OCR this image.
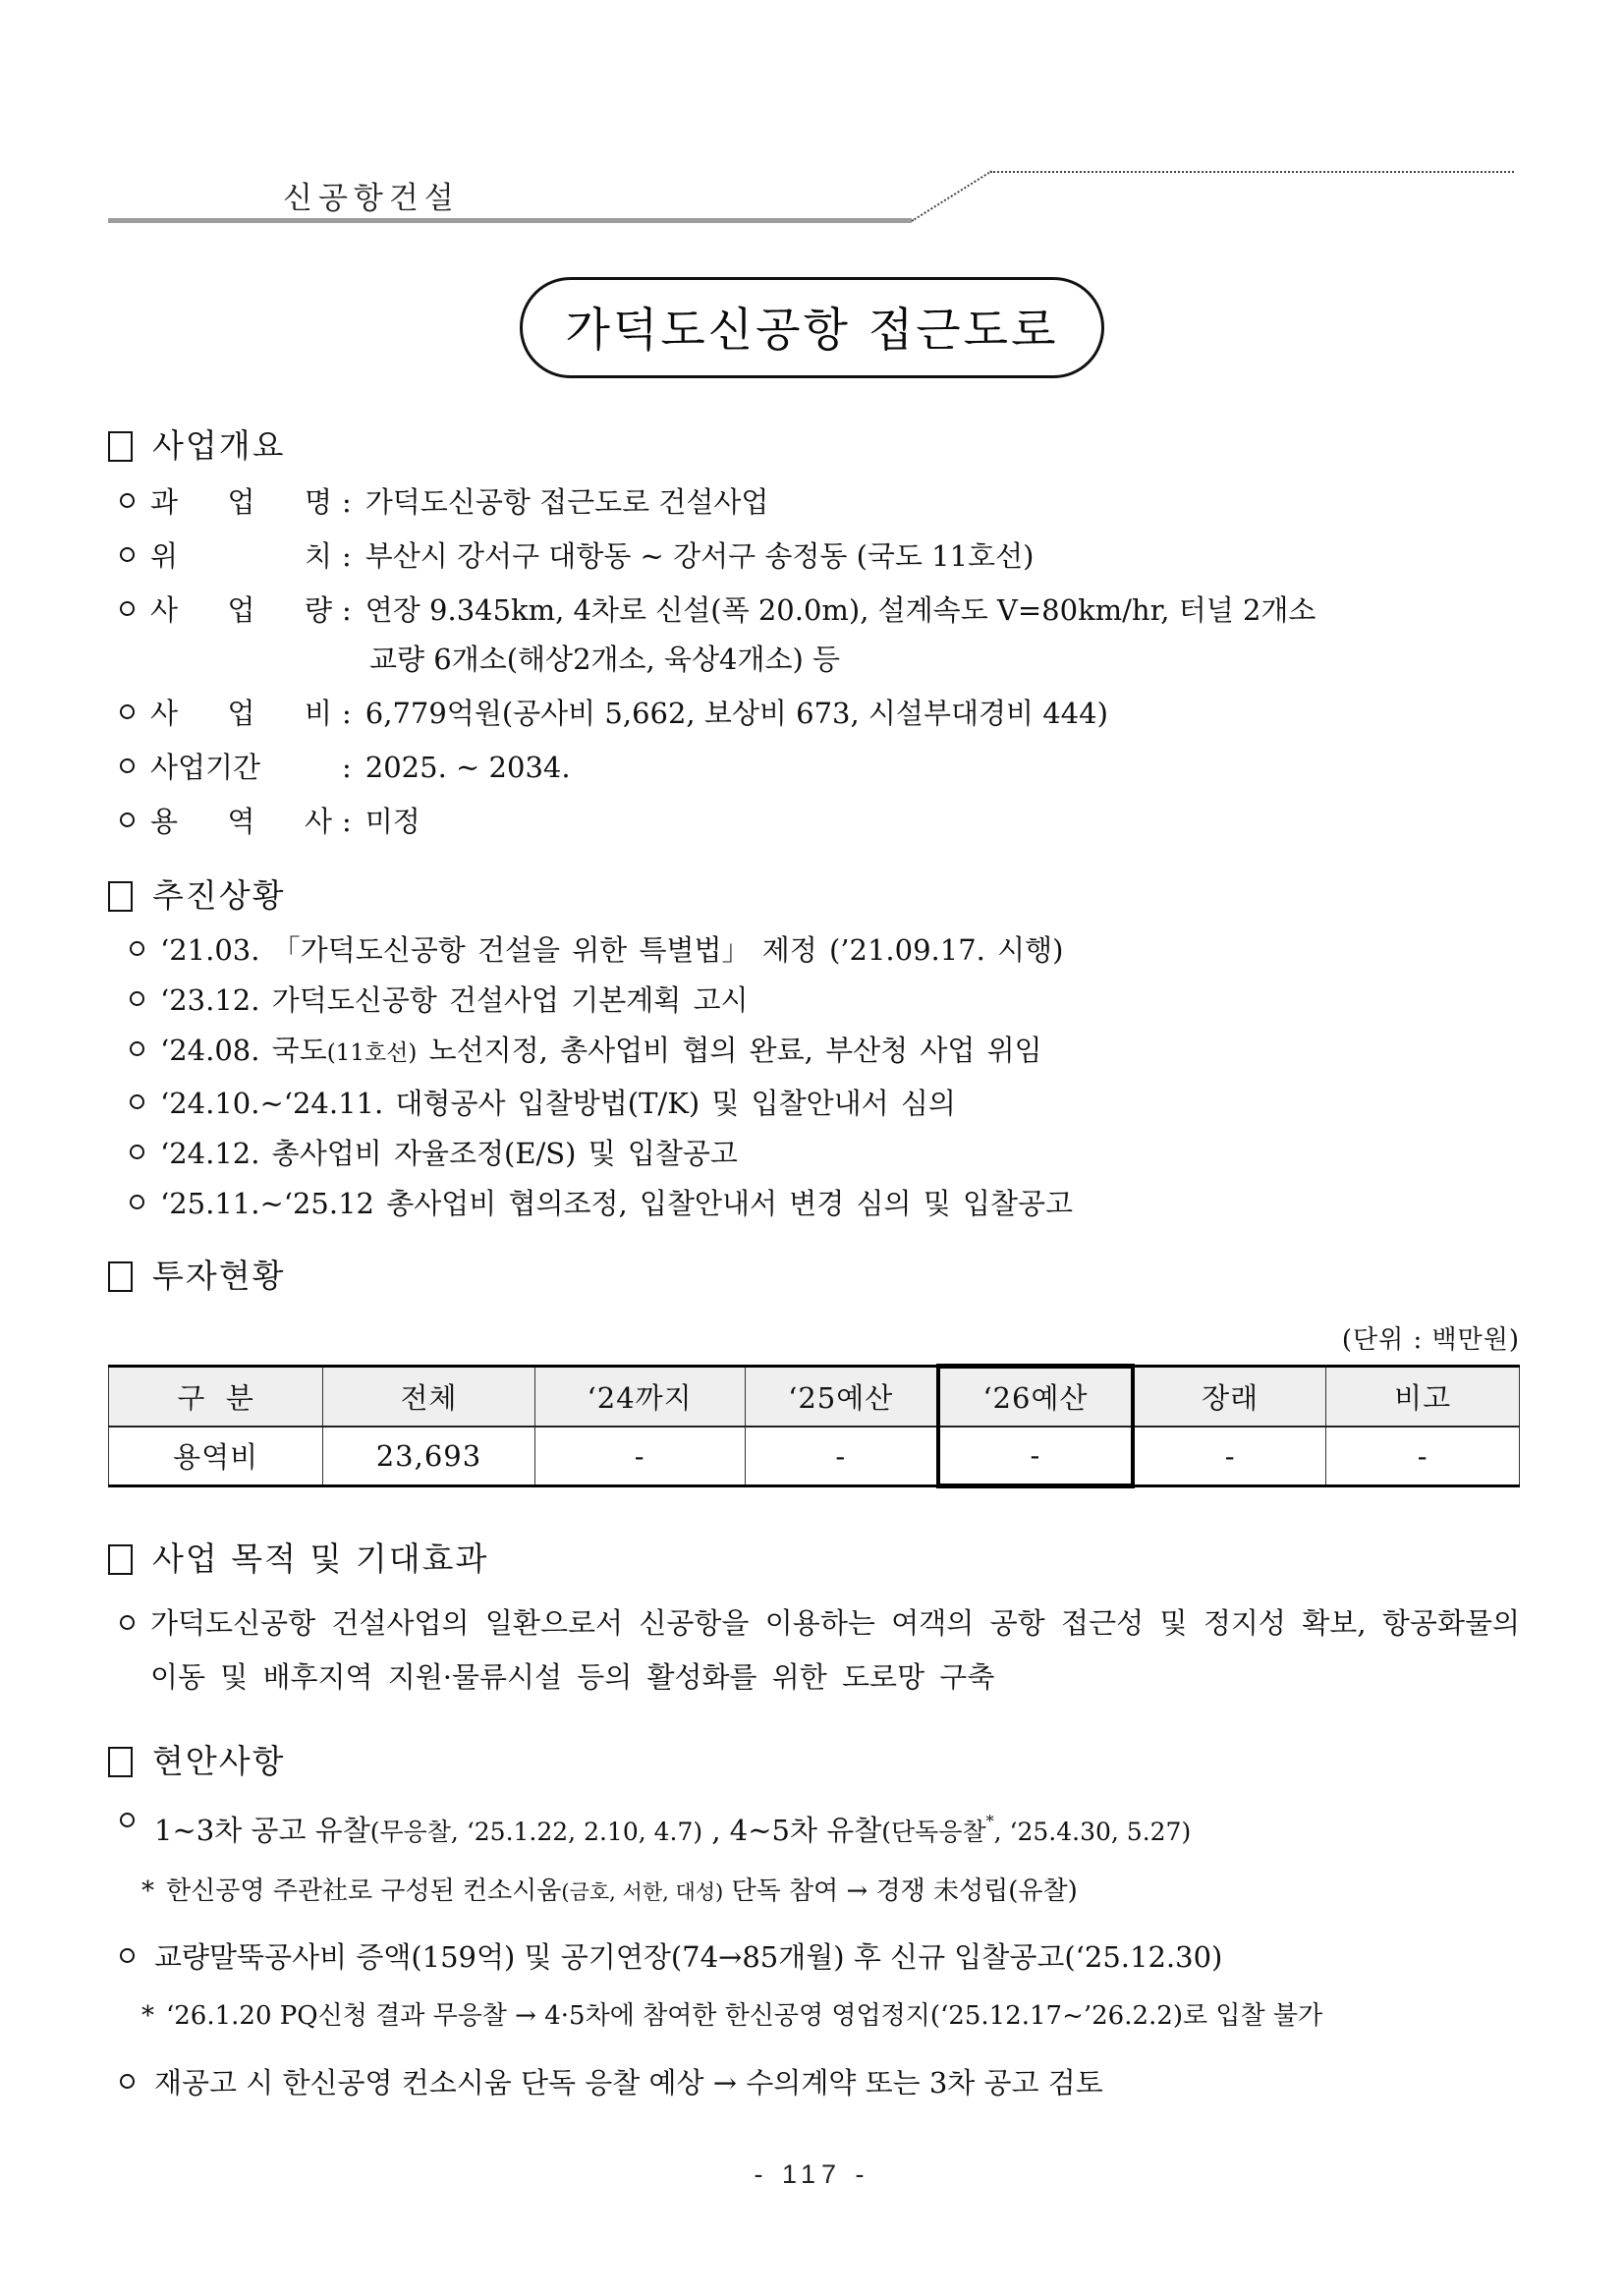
신공항건설
가덕도신공항 접근도로
사업개요
과 업 명 : 가덕도신공항 접근도로 건설사업
위 치 : 부산시 강서구 대항동 ~ 강서구 송정동 (국도 11호선)
사 업 량 : 연장 9.345km, 4차로 신설(폭 20.0m), 설계속도 V=80km/hr, 터널 2개소
교량 6개소(해상2개소, 육상4개소) 등
사 업 비 : 6,779억원(공사비 5,662, 보상비 673, 시설부대경비 444)
사업기간	: 2025. ~ 2034.
용 역 사 : 미정
추진상황
‘21.03. 「가덕도신공항 건설을 위한 특별법」 제정 (’21.09.17. 시행)
‘23.12. 가덕도신공항 건설사업 기본계획 고시
‘24.08. 국도(11호선) 노선지정, 총사업비 협의 완료, 부산청 사업 위임
‘24.10.~‘24.11. 대형공사 입찰방법(T/K) 및 입찰안내서 심의
‘24.12. 총사업비 자율조정(E/S) 및 입찰공고
‘25.11.~‘25.12 총사업비 협의조정, 입찰안내서 변경 심의 및 입찰공고
투자현황
(단위 : 백만원)
구  분	전체	‘24까지	‘25예산	‘26예산	장래	비고
용역비	23,693	-	-	-	-	-
사업 목적 및 기대효과
가덕도신공항 건설사업의 일환으로서 신공항을 이용하는 여객의 공항 접근성 및 정지성 확보, 항공화물의 이동 및 배후지역 지원·물류시설 등의 활성화를 위한 도로망 구축
현안사항
1~3차 공고 유찰(무응찰, ‘25.1.22, 2.10, 4.7) , 4~5차 유찰(단독응찰*, ‘25.4.30, 5.27)
* 한신공영 주관社로 구성된 컨소시움(금호, 서한, 대성) 단독 참여 → 경쟁 未성립(유찰)
교량말뚝공사비 증액(159억) 및 공기연장(74→85개월) 후 신규 입찰공고(‘25.12.30)
* ‘26.1.20 PQ신청 결과 무응찰 → 4·5차에 참여한 한신공영 영업정지(‘25.12.17~’26.2.2)로 입찰 불가
재공고 시 한신공영 컨소시움 단독 응찰 예상 → 수의계약 또는 3차 공고 검토
- 117 -
